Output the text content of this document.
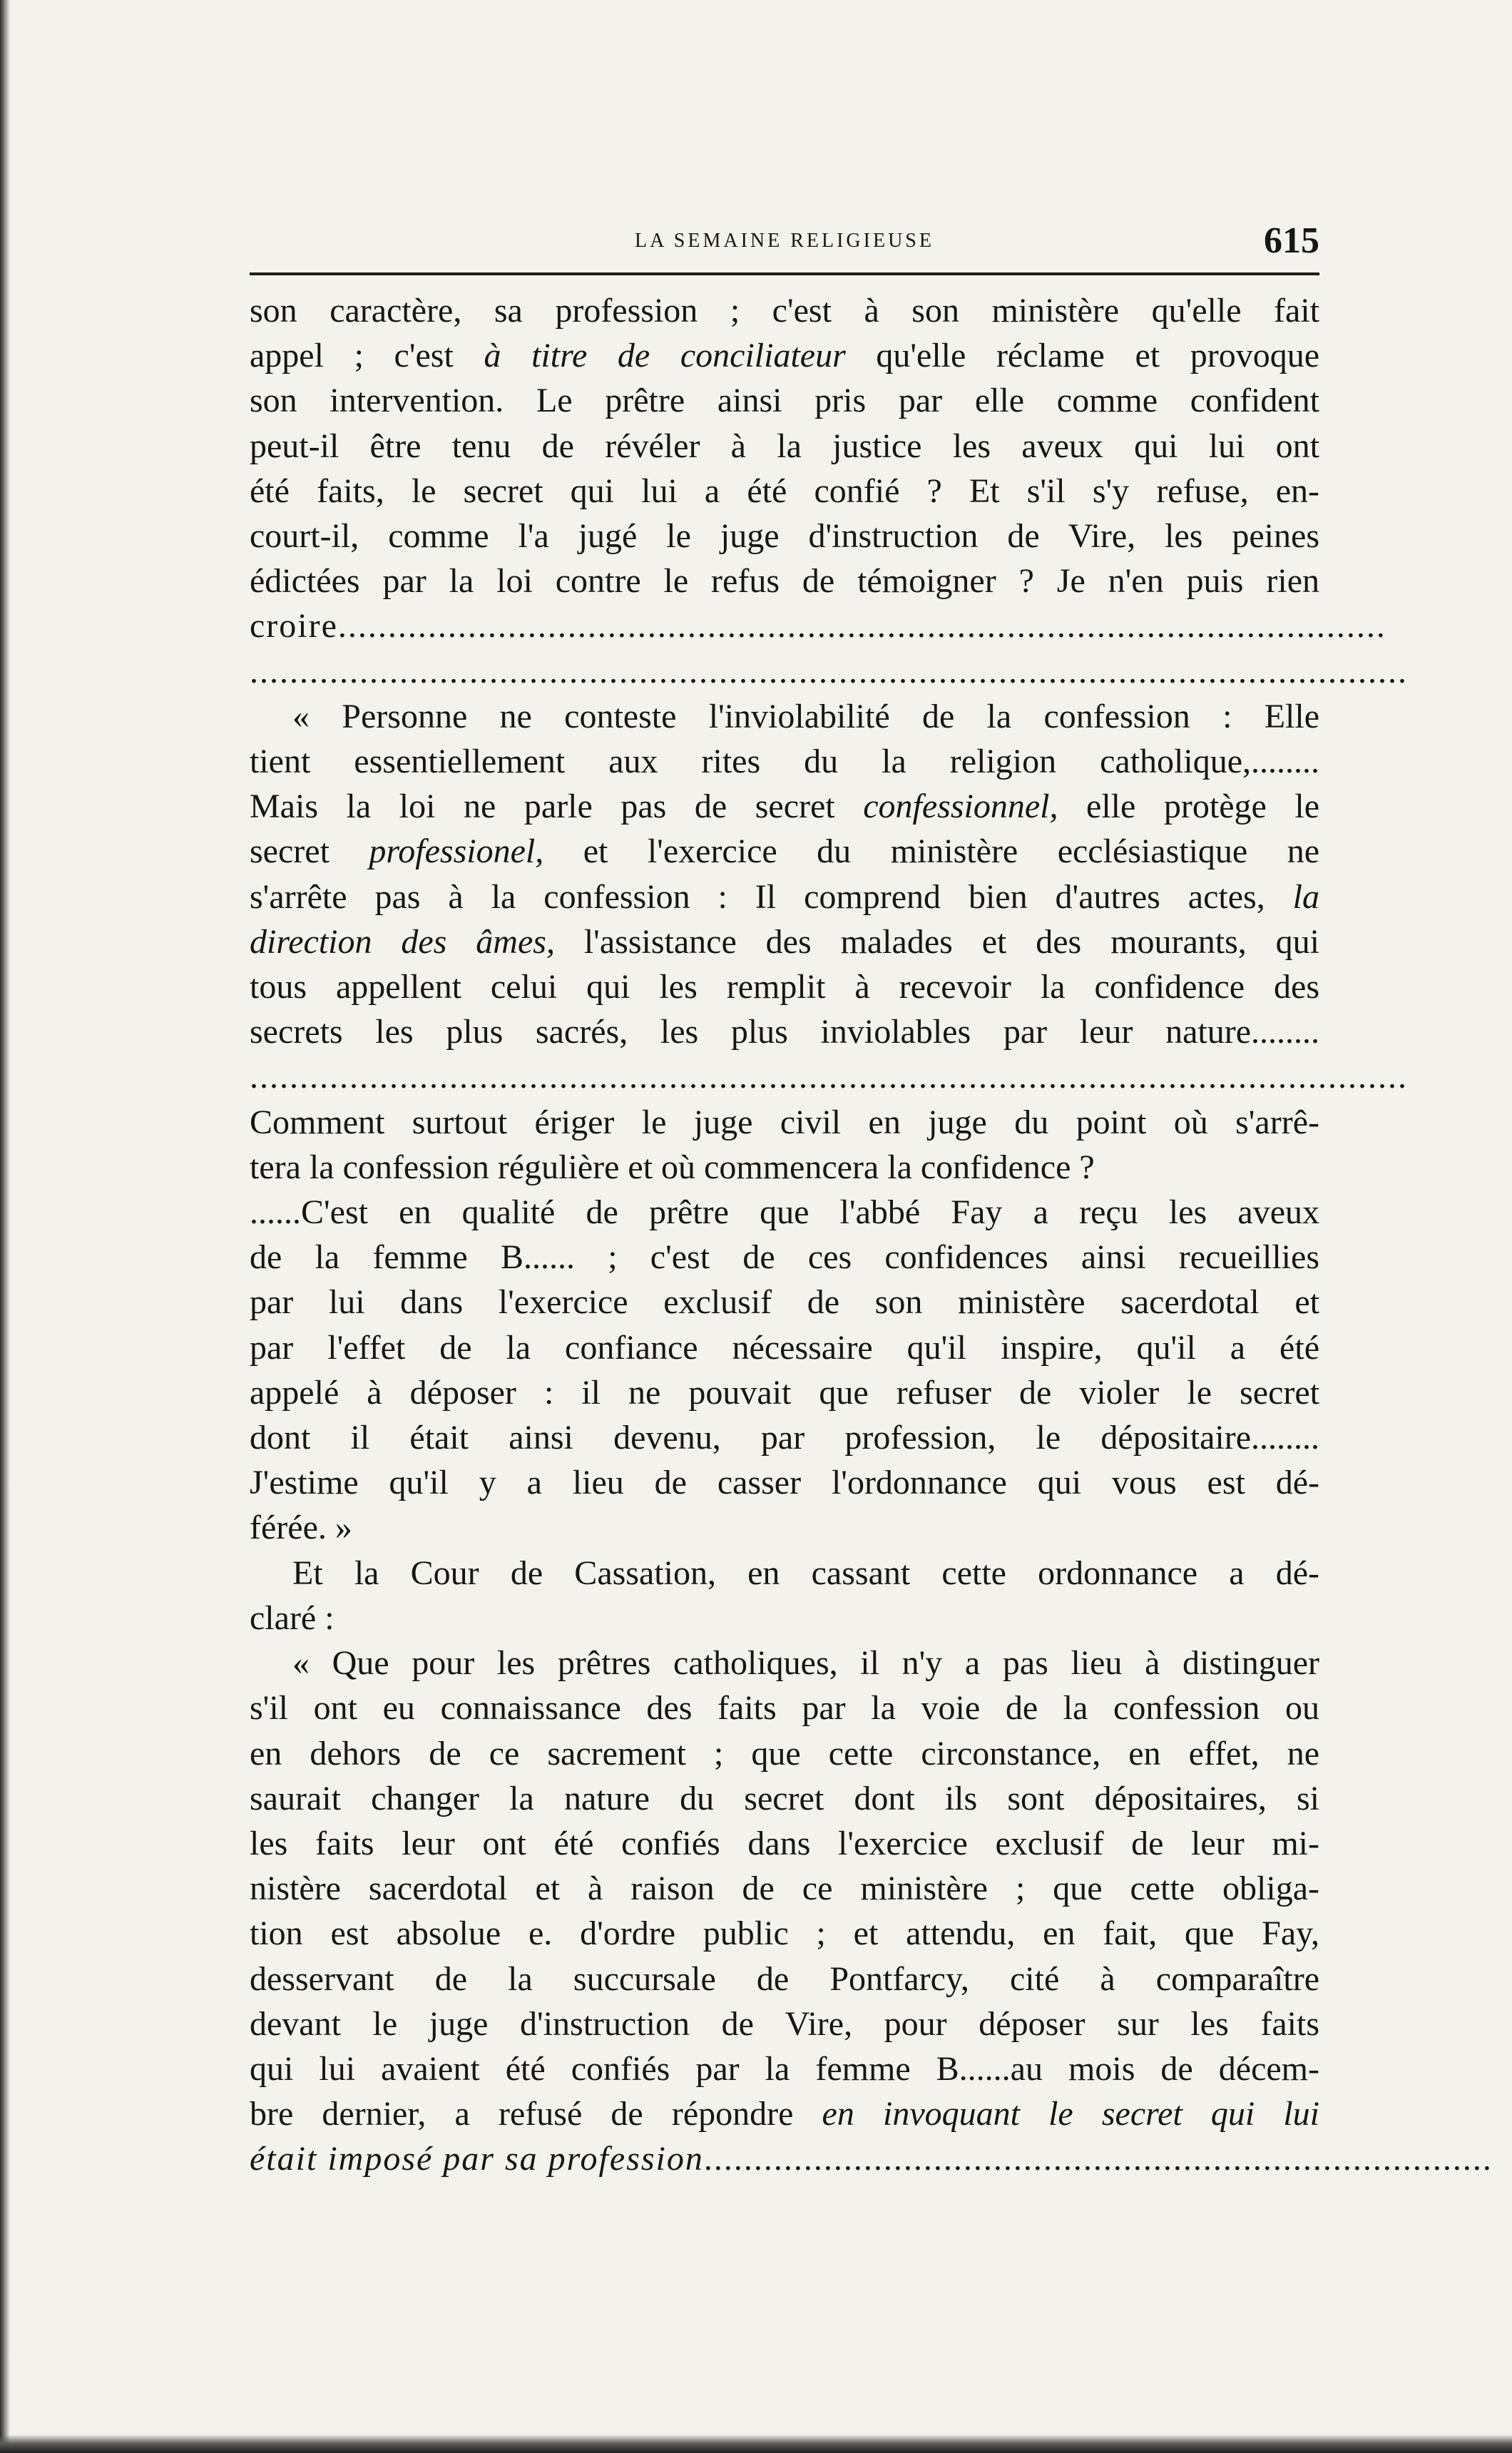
LA SEMAINE RELIGIEUSE	615
son caractère, sa profession ; c'est à son ministère qu'elle fait
appel ; c'est à titre de conciliateur qu'elle réclame et provoque
son intervention. Le prêtre ainsi pris par elle comme confident
peut-il être tenu de révéler à la justice les aveux qui lui ont
été faits, le secret qui lui a été confié ? Et s'il s'y refuse, en-
court-il, comme l'a jugé le juge d'instruction de Vire, les peines
édictées par la loi contre le refus de témoigner ? Je n'en puis rien
croire.........................................................................................................
....................................................................................................................
« Personne ne conteste l'inviolabilité de la confession : Elle
tient essentiellement aux rites du la religion catholique,........
Mais la loi ne parle pas de secret confessionnel, elle protège le
secret professionel, et l'exercice du ministère ecclésiastique ne
s'arrête pas à la confession : Il comprend bien d'autres actes, la
direction des âmes, l'assistance des malades et des mourants, qui
tous appellent celui qui les remplit à recevoir la confidence des
secrets les plus sacrés, les plus inviolables par leur nature........
....................................................................................................................
Comment surtout ériger le juge civil en juge du point où s'arrê-
tera la confession régulière et où commencera la confidence ?
......C'est en qualité de prêtre que l'abbé Fay a reçu les aveux
de la femme B...... ; c'est de ces confidences ainsi recueillies
par lui dans l'exercice exclusif de son ministère sacerdotal et
par l'effet de la confiance nécessaire qu'il inspire, qu'il a été
appelé à déposer : il ne pouvait que refuser de violer le secret
dont il était ainsi devenu, par profession, le dépositaire........
J'estime qu'il y a lieu de casser l'ordonnance qui vous est dé-
férée. »
Et la Cour de Cassation, en cassant cette ordonnance a dé-
claré :
« Que pour les prêtres catholiques, il n'y a pas lieu à distinguer
s'il ont eu connaissance des faits par la voie de la confession ou
en dehors de ce sacrement ; que cette circonstance, en effet, ne
saurait changer la nature du secret dont ils sont dépositaires, si
les faits leur ont été confiés dans l'exercice exclusif de leur mi-
nistère sacerdotal et à raison de ce ministère ; que cette obliga-
tion est absolue e. d'ordre public ; et attendu, en fait, que Fay,
desservant de la succursale de Pontfarcy, cité à comparaître
devant le juge d'instruction de Vire, pour déposer sur les faits
qui lui avaient été confiés par la femme B......au mois de décem-
bre dernier, a refusé de répondre en invoquant le secret qui lui
était imposé par sa profession...............................................................................
